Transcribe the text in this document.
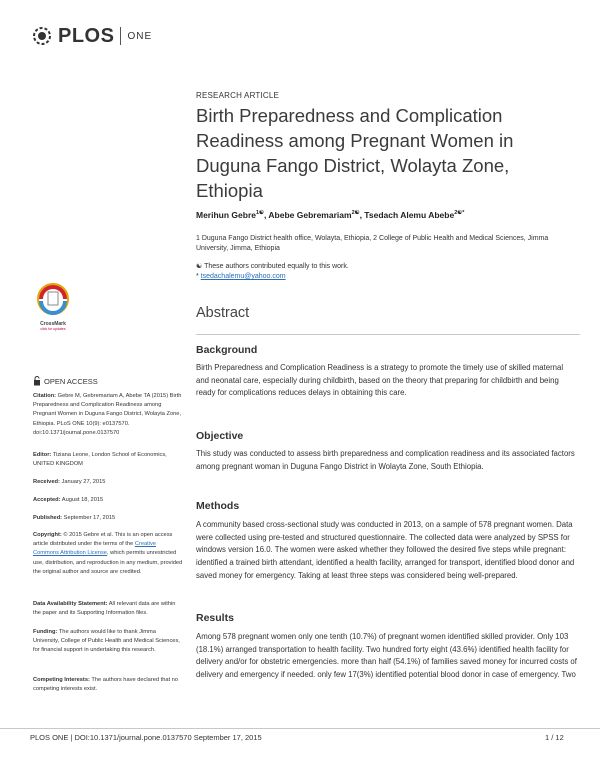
PLOS ONE
RESEARCH ARTICLE
Birth Preparedness and Complication Readiness among Pregnant Women in Duguna Fango District, Wolayta Zone, Ethiopia
Merihun Gebre$^{1☯}$, Abebe Gebremariam$^{2☯}$, Tsedach Alemu Abebe$^{2☯*}$
1 Duguna Fango District health office, Wolayta, Ethiopia, 2 College of Public Health and Medical Sciences, Jimma University, Jimma, Ethiopia
☯ These authors contributed equally to this work.
* tsedachalemu@yahoo.com
CrossMark
click for updates
Abstract
Background
Birth Preparedness and Complication Readiness is a strategy to promote the timely use of skilled maternal and neonatal care, especially during childbirth, based on the theory that preparing for childbirth and being ready for complications reduces delays in obtaining this care.
Objective
This study was conducted to assess birth preparedness and complication readiness and its associated factors among pregnant woman in Duguna Fango District in Wolayta Zone, South Ethiopia.
Methods
A community based cross-sectional study was conducted in 2013, on a sample of 578 pregnant women. Data were collected using pre-tested and structured questionnaire. The collected data were analyzed by SPSS for windows version 16.0. The women were asked whether they followed the desired five steps while pregnant: identified a trained birth attendant, identified a health facility, arranged for transport, identified blood donor and saved money for emergency. Taking at least three steps was considered being well-prepared.
Results
Among 578 pregnant women only one tenth (10.7%) of pregnant women identified skilled provider. Only 103 (18.1%) arranged transportation to health facility. Two hundred forty eight (43.6%) identified health facility for delivery and/or for obstetric emergencies. more than half (54.1%) of families saved money for incurred costs of delivery and emergency if needed. only few 17(3%) identified potential blood donor in case of emergency. Two
OPEN ACCESS
Citation: Gebre M, Gebremariam A, Abebe TA (2015) Birth Preparedness and Complication Readiness among Pregnant Women in Duguna Fango District, Wolayta Zone, Ethiopia. PLoS ONE 10(9): e0137570. doi:10.1371/journal.pone.0137570
Editor: Tiziana Leone, London School of Economics, UNITED KINGDOM
Received: January 27, 2015
Accepted: August 18, 2015
Published: September 17, 2015
Copyright: © 2015 Gebre et al. This is an open access article distributed under the terms of the Creative Commons Attribution License, which permits unrestricted use, distribution, and reproduction in any medium, provided the original author and source are credited.
Data Availability Statement: All relevant data are within the paper and its Supporting Information files.
Funding: The authors would like to thank Jimma University, College of Public Health and Medical Sciences, for financial support in undertaking this research.
Competing Interests: The authors have declared that no competing interests exist.
PLOS ONE | DOI:10.1371/journal.pone.0137570 September 17, 2015	1 / 12
